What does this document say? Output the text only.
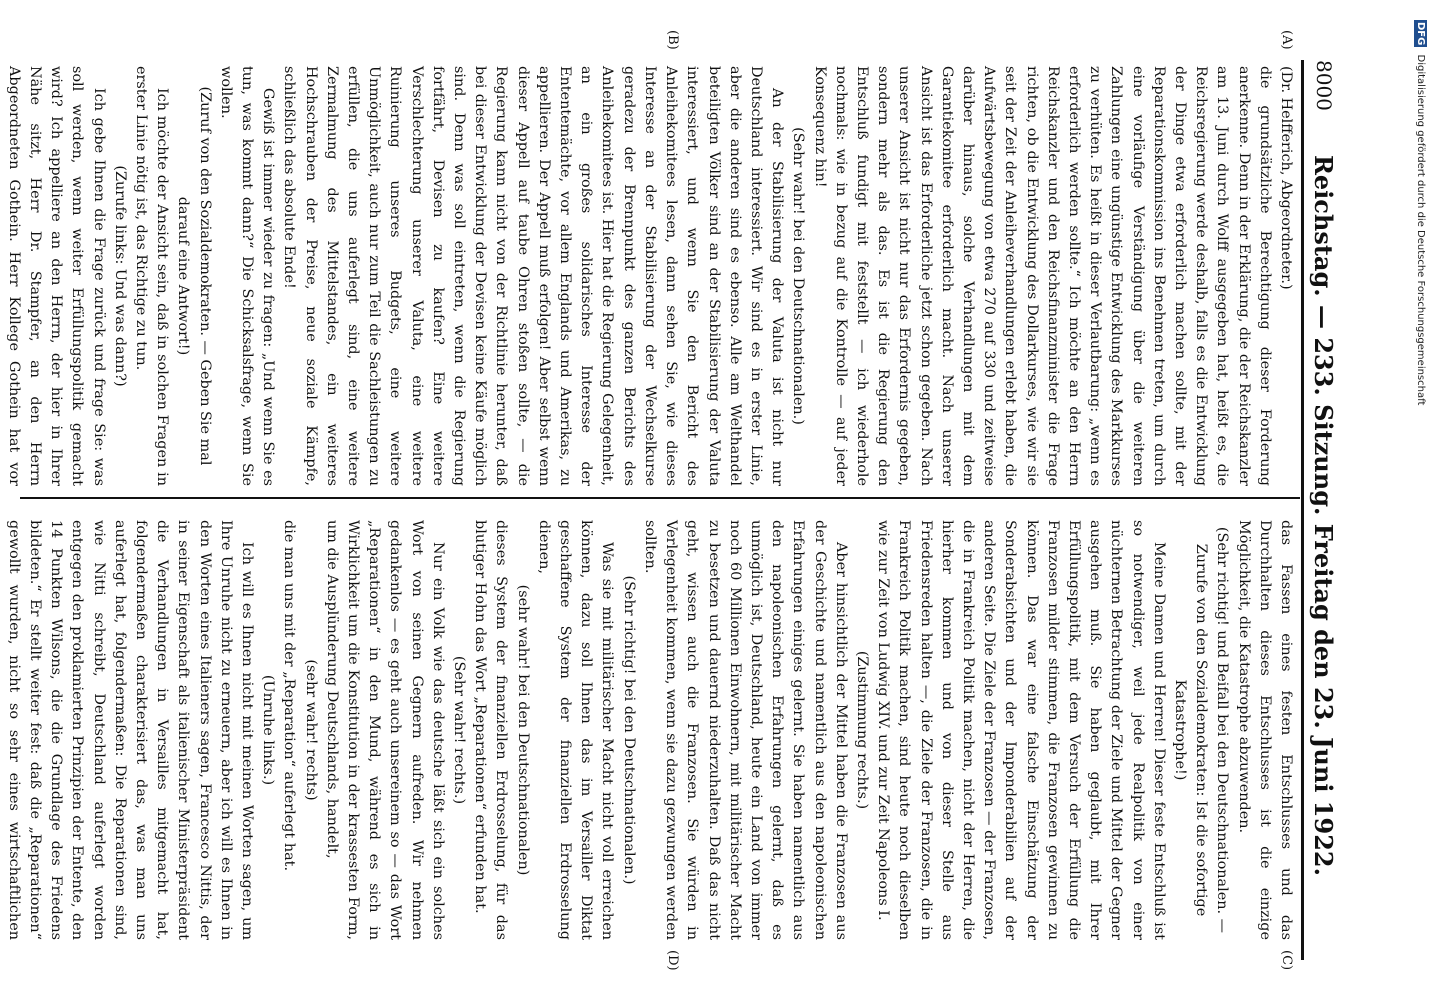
8000
Reichstag. — 233. Sitzung. Freitag den 23. Juni 1922.
(A)
(B)
(C)
(D)

(Dr. Helfferich, Abgeordneter.)

die grundsätzliche Berechtigung dieser Forderung anerkenne. Denn in der Erklärung, die der Reichskanzler am 13. Juni durch Wolff ausgegeben hat, heißt es, die Reichsregierung werde deshalb, falls es die Entwicklung der Dinge etwa erforderlich machen sollte, mit der Reparationskommission ins Benehmen treten, um durch eine vorläufige Verständigung über die weiteren Zahlungen eine ungünstige Entwicklung des Markkurses zu verhüten. Es heißt in dieser Verlautbarung: „wenn es erforderlich werden sollte.“ Ich möchte an den Herrn Reichskanzler und den Reichsfinanzminister die Frage richten, ob die Entwicklung des Dollarkurses, wie wir sie seit der Zeit der Anleiheverhandlungen erlebt haben, die Aufwärtsbewegung von etwa 270 auf 330 und zeitweise darüber hinaus, solche Verhandlungen mit dem Garantiekomitee erforderlich macht. Nach unserer Ansicht ist das Erforderliche jetzt schon gegeben. Nach unserer Ansicht ist nicht nur das Erfordernis gegeben, sondern mehr als das. Es ist die Regierung den Entschluß fundigt mit feststellt — ich wiederhole nochmals: wie in bezug auf die Kontrolle — auf jeder Konsequenz hin!

(Sehr wahr! bei den Deutschnationalen.)

An der Stabilisierung der Valuta ist nicht nur Deutschland interessiert. Wir sind es in erster Linie, aber die anderen sind es ebenso. Alle am Welthandel beteiligten Völker sind an der Stabilisierung der Valuta interessiert, und wenn Sie den Bericht des Anleihekomitees lesen, dann sehen Sie, wie dieses Interesse an der Stabilisierung der Wechselkurse geradezu der Brennpunkt des ganzen Berichts des Anleihekomitees ist. Hier hat die Regierung Gelegenheit, an ein großes solidarisches Interesse der Ententemächte, vor allem Englands und Amerikas, zu appellieren. Der Appell muß erfolgen! Aber selbst wenn dieser Appell auf taube Ohren stoßen sollte, — die Regierung kann nicht von der Richtlinie herunter, daß bei dieser Entwicklung der Devisen keine Käufe möglich sind. Denn was soll eintreten, wenn die Regierung fortfährt, Devisen zu kaufen? Eine weitere Verschlechterung unserer Valuta, eine weitere Ruinierung unseres Budgets, eine weitere Unmöglichkeit, auch nur zum Teil die Sachleistungen zu erfüllen, die uns auferlegt sind, eine weitere Zermalmung des Mittelstandes, ein weiteres Hochschrauben der Preise, neue soziale Kämpfe, schließlich das absolute Ende!

Gewiß ist immer wieder zu fragen: „Und wenn Sie es tun, was kommt dann?“ Die Schicksalsfrage, wenn Sie wollen.

(Zuruf von den Sozialdemokraten. — Geben Sie mal darauf eine Antwort!)

Ich möchte der Ansicht sein, daß in solchen Fragen in erster Linie nötig ist, das Richtige zu tun.

(Zurufe links: Und was dann?)

Ich gebe Ihnen die Frage zurück und frage Sie: was soll werden, wenn weiter Erfüllungspolitik gemacht wird? Ich appelliere an den Herrn, der hier in Ihrer Nähe sitzt, Herr Dr. Stampfer, an den Herrn Abgeordneten Gothein. Herr Kollege Gothein hat vor

das Fassen eines festen Entschlusses und das Durchhalten dieses Entschlusses ist die einzige Möglichkeit, die Katastrophe abzuwenden.

(Sehr richtig! und Beifall bei den Deutschnationalen. — Zurufe von den Sozialdemokraten: Ist die sofortige Katastrophe!)

Meine Damen und Herren! Dieser feste Entschluß ist so notwendiger, weil jede Realpolitik von einer nüchternen Betrachtung der Ziele und Mittel der Gegner ausgehen muß. Sie haben geglaubt, mit Ihrer Erfüllungspolitik, mit dem Versuch der Erfüllung die Franzosen milder stimmen, die Franzosen gewinnen zu können. Das war eine falsche Einschätzung der Sonderabsichten und der Imponderabilien auf der anderen Seite. Die Ziele der Franzosen — der Franzosen, die in Frankreich Politik machen, nicht der Herren, die hierher kommen und von dieser Stelle aus Friedensreden halten —, die Ziele der Franzosen, die in Frankreich Politik machen, sind heute noch dieselben wie zur Zeit von Ludwig XIV. und zur Zeit Napoleons I.

(Zustimmung rechts.)

Aber hinsichtlich der Mittel haben die Franzosen aus der Geschichte und namentlich aus den napoleonischen Erfahrungen einiges gelernt. Sie haben namentlich aus den napoleonischen Erfahrungen gelernt, daß es unmöglich ist, Deutschland, heute ein Land von immer noch 60 Millionen Einwohnern, mit militärischer Macht zu besetzen und dauernd niederzuhalten. Daß das nicht geht, wissen auch die Franzosen. Sie würden in Verlegenheit kommen, wenn sie dazu gezwungen werden sollten.

(Sehr richtig! bei den Deutschnationalen.)

Was sie mit militärischer Macht nicht voll erreichen können, dazu soll Ihnen das im Versailler Diktat geschaffene System der finanziellen Erdrosselung dienen,

(sehr wahr! bei den Deutschnationalen)

dieses System der finanziellen Erdrosselung, für das blutiger Hohn das Wort „Reparationen“ erfunden hat.

(Sehr wahr! rechts.)

Nur ein Volk wie das deutsche läßt sich ein solches Wort von seinen Gegnern aufreden. Wir nehmen gedankenlos — es geht auch unsereinem so — das Wort „Reparationen“ in den Mund, während es sich in Wirklichkeit um die Konstitution in der krassesten Form, um die Ausplünderung Deutschlands, handelt,

(sehr wahr! rechts)

die man uns mit der „Reparation“ auferlegt hat.

(Unruhe links.)

Ich will es Ihnen nicht mit meinen Worten sagen, um Ihre Unruhe nicht zu erneuern, aber ich will es Ihnen in den Worten eines Italieners sagen, Francesco Nittis, der in seiner Eigenschaft als italienischer Ministerpräsident die Verhandlungen in Versailles mitgemacht hat, folgendermaßen charakterisiert das, was man uns auferlegt hat, folgendermaßen: Die Reparationen sind, wie Nitti schreibt, Deutschland auferlegt worden entgegen den proklamierten Prinzipien der Entente, den 14 Punkten Wilsons, die die Grundlage des Friedens bildeten.“ Er stellt weiter fest: daß die „Reparationen“ gewollt wurden, nicht so sehr eines wirtschaftlichen

DFG Digitalisierung gefördert durch die Deutsche Forschungsgemeinschaft
